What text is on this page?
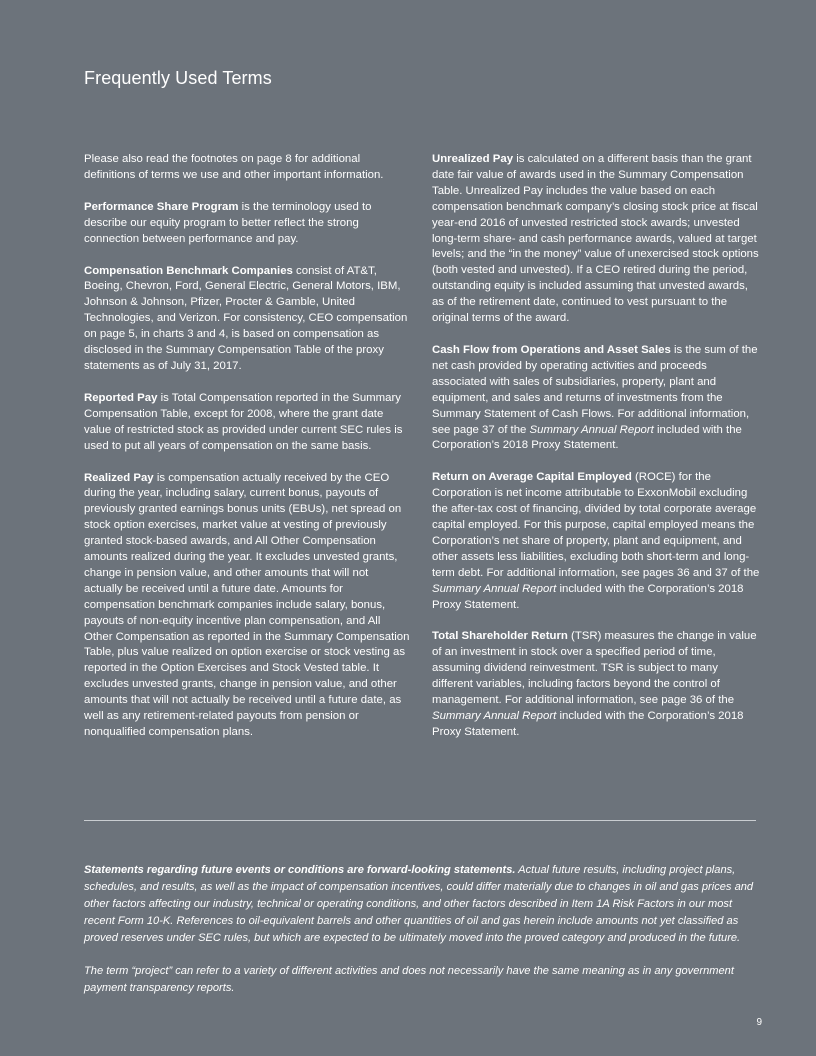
Frequently Used Terms

Please also read the footnotes on page 8 for additional definitions of terms we use and other important information.

Performance Share Program is the terminology used to describe our equity program to better reflect the strong connection between performance and pay.

Compensation Benchmark Companies consist of AT&T, Boeing, Chevron, Ford, General Electric, General Motors, IBM, Johnson & Johnson, Pfizer, Procter & Gamble, United Technologies, and Verizon. For consistency, CEO compensation on page 5, in charts 3 and 4, is based on compensation as disclosed in the Summary Compensation Table of the proxy statements as of July 31, 2017.

Reported Pay is Total Compensation reported in the Summary Compensation Table, except for 2008, where the grant date value of restricted stock as provided under current SEC rules is used to put all years of compensation on the same basis.

Realized Pay is compensation actually received by the CEO during the year, including salary, current bonus, payouts of previously granted earnings bonus units (EBUs), net spread on stock option exercises, market value at vesting of previously granted stock-based awards, and All Other Compensation amounts realized during the year. It excludes unvested grants, change in pension value, and other amounts that will not actually be received until a future date. Amounts for compensation benchmark companies include salary, bonus, payouts of non-equity incentive plan compensation, and All Other Compensation as reported in the Summary Compensation Table, plus value realized on option exercise or stock vesting as reported in the Option Exercises and Stock Vested table. It excludes unvested grants, change in pension value, and other amounts that will not actually be received until a future date, as well as any retirement-related payouts from pension or nonqualified compensation plans.

Unrealized Pay is calculated on a different basis than the grant date fair value of awards used in the Summary Compensation Table. Unrealized Pay includes the value based on each compensation benchmark company’s closing stock price at fiscal year-end 2016 of unvested restricted stock awards; unvested long-term share- and cash performance awards, valued at target levels; and the “in the money” value of unexercised stock options (both vested and unvested). If a CEO retired during the period, outstanding equity is included assuming that unvested awards, as of the retirement date, continued to vest pursuant to the original terms of the award.

Cash Flow from Operations and Asset Sales is the sum of the net cash provided by operating activities and proceeds associated with sales of subsidiaries, property, plant and equipment, and sales and returns of investments from the Summary Statement of Cash Flows. For additional information, see page 37 of the Summary Annual Report included with the Corporation’s 2018 Proxy Statement.

Return on Average Capital Employed (ROCE) for the Corporation is net income attributable to ExxonMobil excluding the after-tax cost of financing, divided by total corporate average capital employed. For this purpose, capital employed means the Corporation’s net share of property, plant and equipment, and other assets less liabilities, excluding both short-term and long-term debt. For additional information, see pages 36 and 37 of the Summary Annual Report included with the Corporation’s 2018 Proxy Statement.

Total Shareholder Return (TSR) measures the change in value of an investment in stock over a specified period of time, assuming dividend reinvestment. TSR is subject to many different variables, including factors beyond the control of management. For additional information, see page 36 of the Summary Annual Report included with the Corporation’s 2018 Proxy Statement.

Statements regarding future events or conditions are forward-looking statements. Actual future results, including project plans, schedules, and results, as well as the impact of compensation incentives, could differ materially due to changes in oil and gas prices and other factors affecting our industry, technical or operating conditions, and other factors described in Item 1A Risk Factors in our most recent Form 10-K. References to oil-equivalent barrels and other quantities of oil and gas herein include amounts not yet classified as proved reserves under SEC rules, but which are expected to be ultimately moved into the proved category and produced in the future.

The term “project” can refer to a variety of different activities and does not necessarily have the same meaning as in any government payment transparency reports.

9
